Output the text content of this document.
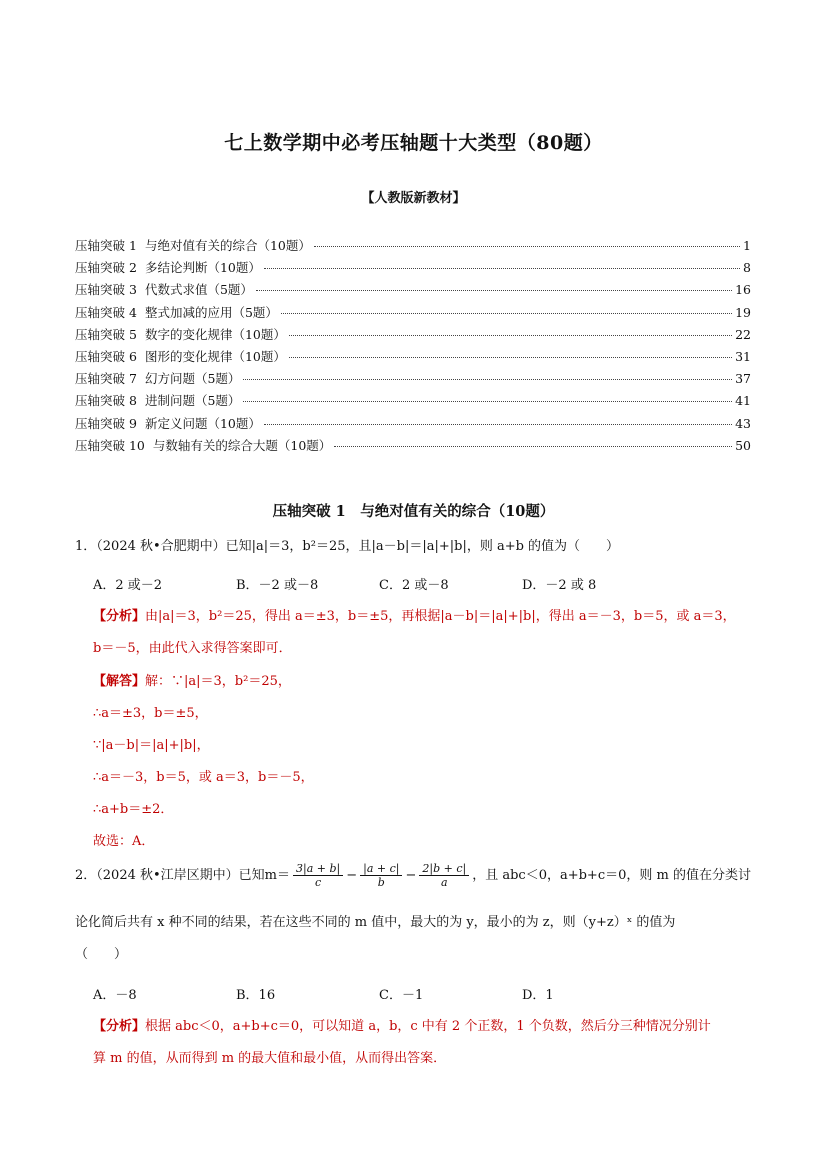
七上数学期中必考压轴题十大类型（80题）
【人教版新教材】
压轴突破 1 与绝对值有关的综合（10题）	1
压轴突破 2 多结论判断（10题）	8
压轴突破 3 代数式求值（5题）	16
压轴突破 4 整式加减的应用（5题）	19
压轴突破 5 数字的变化规律（10题）	22
压轴突破 6 图形的变化规律（10题）	31
压轴突破 7 幻方问题（5题）	37
压轴突破 8 进制问题（5题）	41
压轴突破 9 新定义问题（10题）	43
压轴突破 10 与数轴有关的综合大题（10题）	50
压轴突破 1　与绝对值有关的综合（10题）
1．（2024 秋•合肥期中）已知|a|＝3，b²＝25，且|a－b|＝|a|+|b|，则 a+b 的值为（　　）
A．2 或－2	B．－2 或－8	C．2 或－8	D．－2 或 8
【分析】由|a|＝3，b²＝25，得出 a＝±3，b＝±5，再根据|a－b|＝|a|+|b|，得出 a＝－3，b＝5，或 a＝3，
b＝－5，由此代入求得答案即可．
【解答】解：∵|a|＝3，b²＝25，
∴a＝±3，b＝±5，
∵|a－b|＝|a|+|b|，
∴a＝－3，b＝5，或 a＝3，b＝－5，
∴a+b＝±2．
故选：A．
2．（2024 秋•江岸区期中）已知$m= \frac{3|a + b|}{c} - \frac{|a + c|}{b} - \frac{2|b + c|}{a}$ ，且 abc＜0，a+b+c＝0，则 m 的值在分类讨
论化简后共有 x 种不同的结果，若在这些不同的 m 值中，最大的为 y，最小的为 z，则（y+z）ˣ 的值为
（　　）
A．－8	B．16	C．－1	D．1
【分析】根据 abc＜0，a+b+c＝0，可以知道 a，b，c 中有 2 个正数，1 个负数，然后分三种情况分别计
算 m 的值，从而得到 m 的最大值和最小值，从而得出答案．
